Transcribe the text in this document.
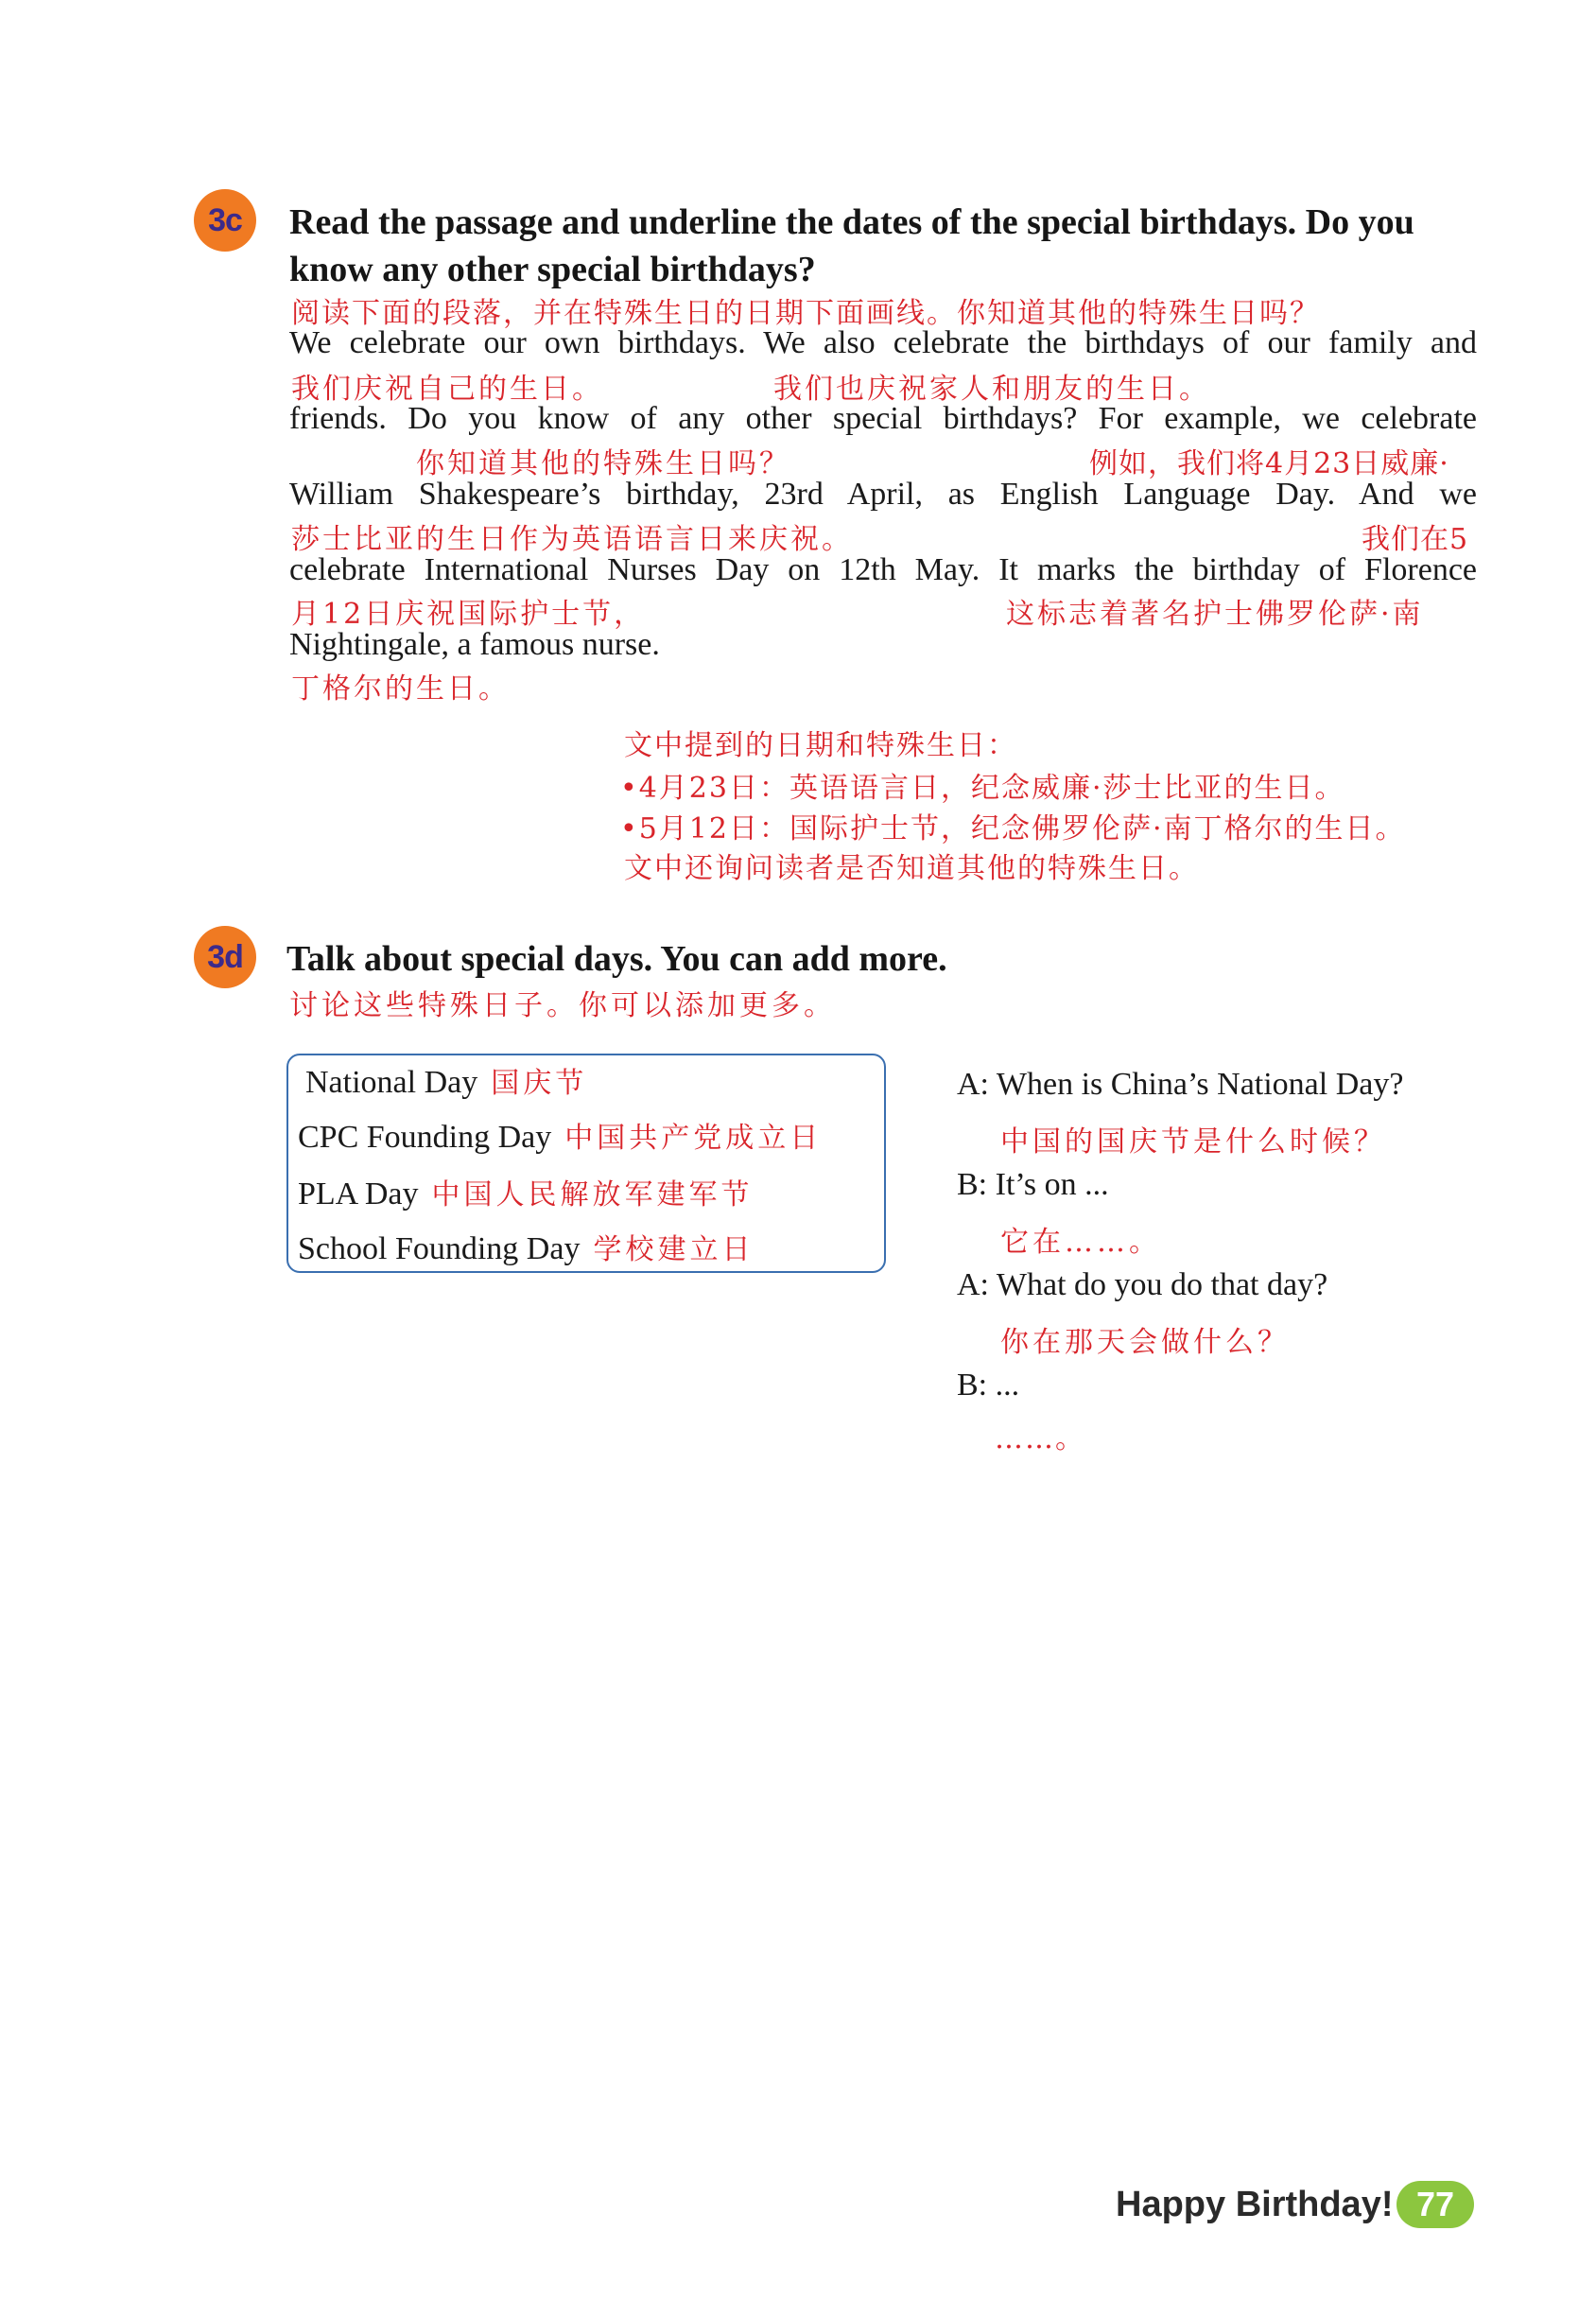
3c	Read the passage and underline the dates of the special birthdays. Do you
know any other special birthdays?
阅读下面的段落，并在特殊生日的日期下面画线。你知道其他的特殊生日吗？
We celebrate our own birthdays. We also celebrate the birthdays of our family and
我们庆祝自己的生日。	我们也庆祝家人和朋友的生日。
friends. Do you know of any other special birthdays? For example, we celebrate
你知道其他的特殊生日吗？	例如，我们将4月23日威廉·
William Shakespeare’s birthday, 23rd April, as English Language Day. And we
莎士比亚的生日作为英语语言日来庆祝。	我们在5
celebrate International Nurses Day on 12th May. It marks the birthday of Florence
月12日庆祝国际护士节，	这标志着著名护士佛罗伦萨·南
Nightingale, a famous nurse.
丁格尔的生日。
文中提到的日期和特殊生日：
•4月23日：英语语言日，纪念威廉·莎士比亚的生日。
•5月12日：国际护士节，纪念佛罗伦萨·南丁格尔的生日。
文中还询问读者是否知道其他的特殊生日。
3d	Talk about special days. You can add more.
讨论这些特殊日子。你可以添加更多。
National Day 国庆节
CPC Founding Day 中国共产党成立日
PLA Day 中国人民解放军建军节
School Founding Day 学校建立日
A: When is China’s National Day?
中国的国庆节是什么时候？
B: It’s on ...
它在……。
A: What do you do that day?
你在那天会做什么？
B: ...
……。
Happy Birthday! 77
